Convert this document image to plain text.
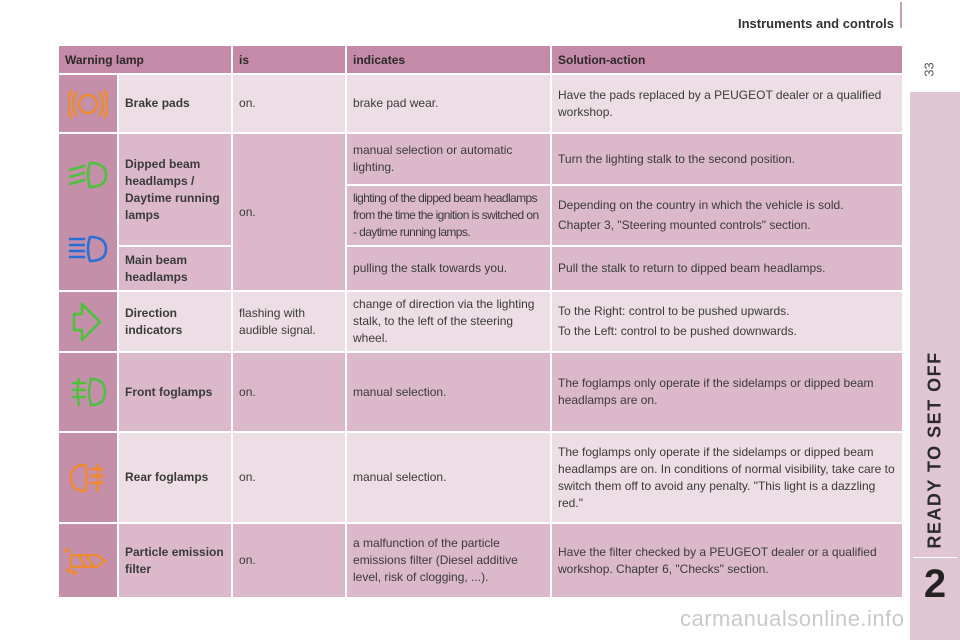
Instruments and controls
33
READY TO SET OFF
2
Warning lamp		is	indicates	Solution-action

	Brake pads	on.	brake pad wear.	Have the pads replaced by a PEUGEOT dealer or a qualified workshop.

	Dipped beam headlamps / Daytime running lamps	on.	manual selection or automatic lighting.	Turn the lighting stalk to the second position.
			lighting of the dipped beam headlamps from the time the ignition is switched on - daytime running lamps.	Depending on the country in which the vehicle is sold.

Chapter 3, "Steering mounted controls" section.

	Main beam headlamps		pulling the stalk towards you.	Pull the stalk to return to dipped beam headlamps.

	Direction indicators	flashing with audible signal.	change of direction via the lighting stalk, to the left of the steering wheel.	To the Right: control to be pushed upwards.

To the Left: control to be pushed downwards.

	Front foglamps	on.	manual selection.	The foglamps only operate if the sidelamps or dipped beam headlamps are on.

	Rear foglamps	on.	manual selection.	The foglamps only operate if the sidelamps or dipped beam headlamps are on. In conditions of normal visibility, take care to switch them off to avoid any penalty. "This light is a dazzling red."

	Particle emission filter	on.	a malfunction of the particle emissions filter (Diesel additive level, risk of clogging, ...).	Have the filter checked by a PEUGEOT dealer or a qualified workshop. Chapter 6, "Checks" section.

carmanualsonline.info
